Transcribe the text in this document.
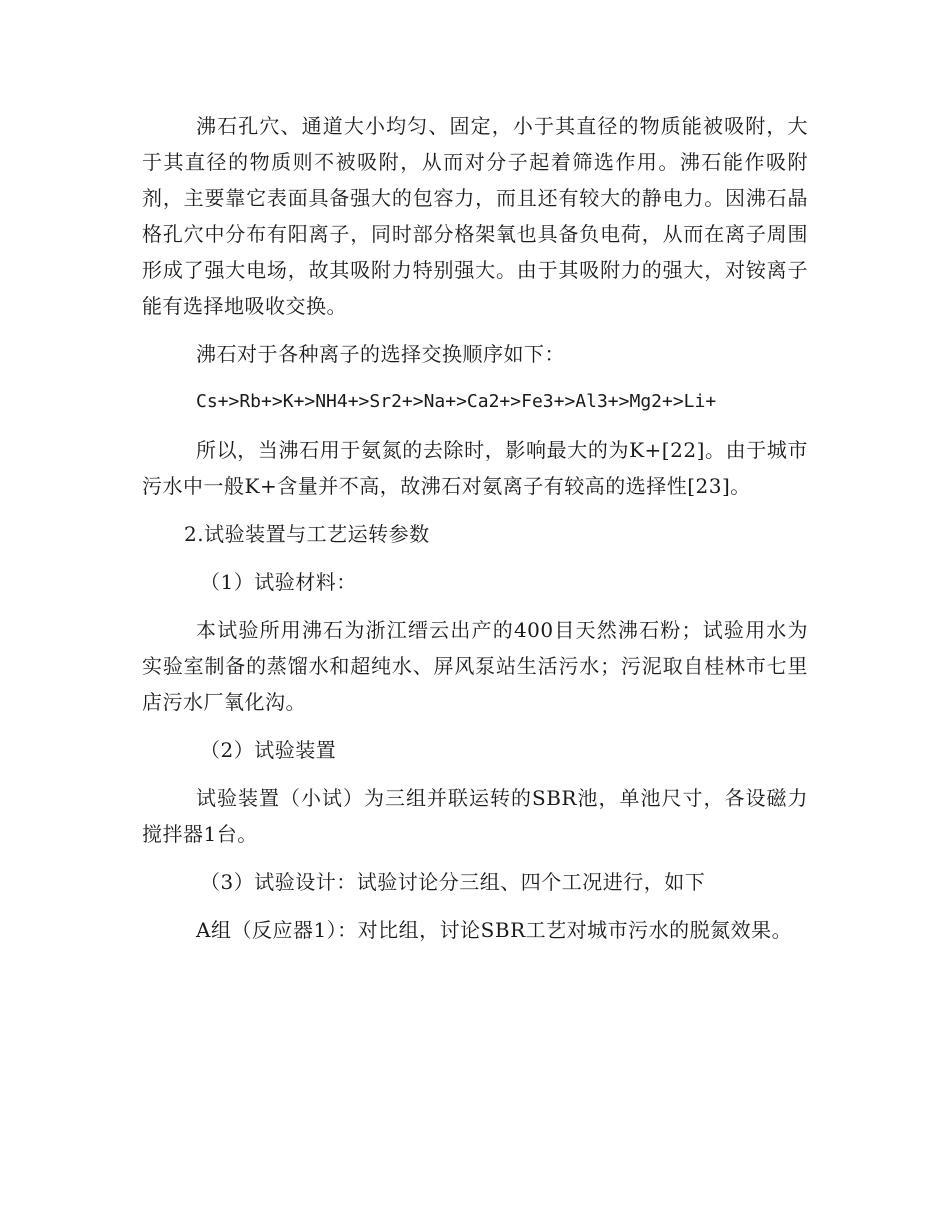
沸石孔穴、通道大小均匀、固定，小于其直径的物质能被吸附，大于其直径的物质则不被吸附，从而对分子起着筛选作用。沸石能作吸附剂，主要靠它表面具备强大的包容力，而且还有较大的静电力。因沸石晶格孔穴中分布有阳离子，同时部分格架氧也具备负电荷，从而在离子周围形成了强大电场，故其吸附力特别强大。由于其吸附力的强大，对铵离子能有选择地吸收交换。

沸石对于各种离子的选择交换顺序如下：

Cs+>Rb+>K+>NH4+>Sr2+>Na+>Ca2+>Fe3+>Al3+>Mg2+>Li+

所以，当沸石用于氨氮的去除时，影响最大的为K+[22]。由于城市污水中一般K+含量并不高，故沸石对氨离子有较高的选择性[23]。

2.试验装置与工艺运转参数

（1）试验材料：

本试验所用沸石为浙江缙云出产的400目天然沸石粉；试验用水为实验室制备的蒸馏水和超纯水、屏风泵站生活污水；污泥取自桂林市七里店污水厂氧化沟。

（2）试验装置

试验装置（小试）为三组并联运转的SBR池，单池尺寸，各设磁力搅拌器1台。

（3）试验设计：试验讨论分三组、四个工况进行，如下

A组（反应器1）：对比组，讨论SBR工艺对城市污水的脱氮效果。
